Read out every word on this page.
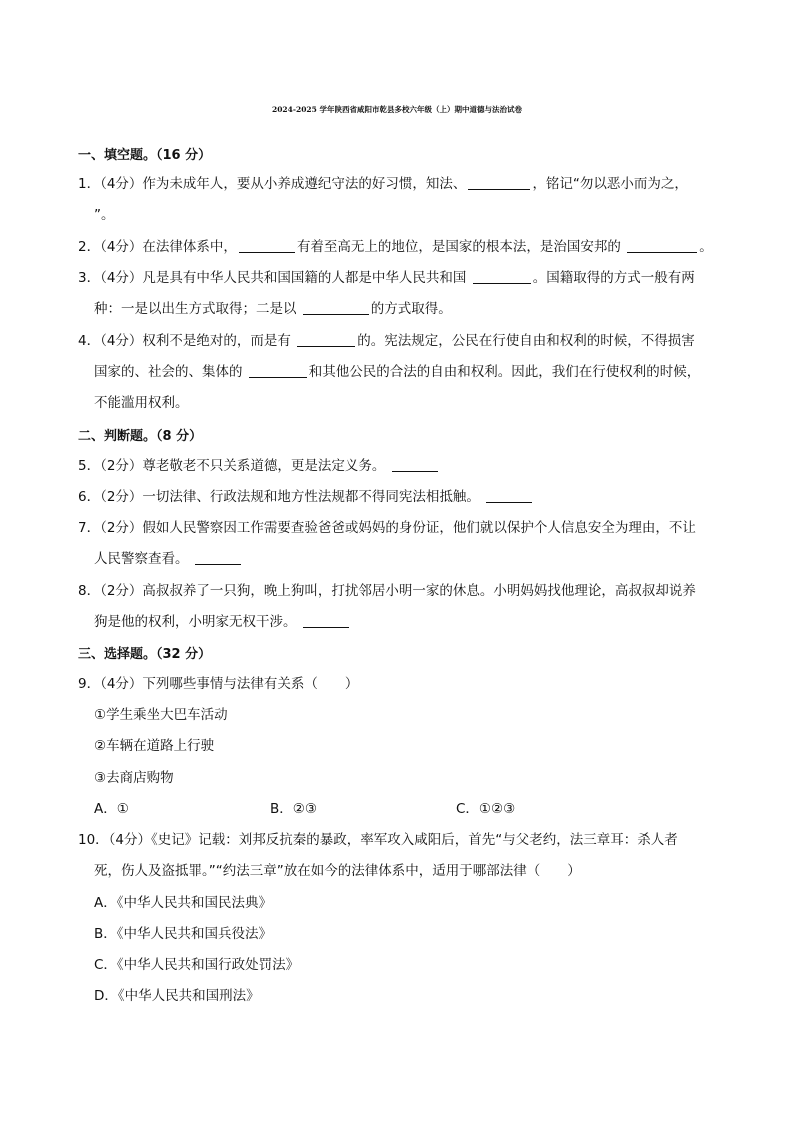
2024-2025 学年陕西省咸阳市乾县多校六年级（上）期中道德与法治试卷
一、填空题。（16 分）
1．（4分）作为未成年人，要从小养成遵纪守法的好习惯，知法、	，铭记“勿以恶小而为之，
”。
2．（4分）在法律体系中，	有着至高无上的地位，是国家的根本法，是治国安邦的	。
3．（4分）凡是具有中华人民共和国国籍的人都是中华人民共和国	。国籍取得的方式一般有两
种：一是以出生方式取得；二是以	的方式取得。
4．（4分）权利不是绝对的，而是有	的。宪法规定，公民在行使自由和权利的时候，不得损害
国家的、社会的、集体的	和其他公民的合法的自由和权利。因此，我们在行使权利的时候，
不能滥用权利。
二、判断题。（8 分）
5．（2分）尊老敬老不只关系道德，更是法定义务。
6．（2分）一切法律、行政法规和地方性法规都不得同宪法相抵触。
7．（2分）假如人民警察因工作需要查验爸爸或妈妈的身份证，他们就以保护个人信息安全为理由，不让
人民警察查看。
8．（2分）高叔叔养了一只狗，晚上狗叫，打扰邻居小明一家的休息。小明妈妈找他理论，高叔叔却说养
狗是他的权利，小明家无权干涉。
三、选择题。（32 分）
9．（4分）下列哪些事情与法律有关系（　　）
①学生乘坐大巴车活动
②车辆在道路上行驶
③去商店购物
A．①	B．②③	C．①②③
10．（4分）《史记》记载：刘邦反抗秦的暴政，率军攻入咸阳后，首先“与父老约，法三章耳：杀人者
死，伤人及盗抵罪。”“约法三章”放在如今的法律体系中，适用于哪部法律（　　）
A．《中华人民共和国民法典》
B．《中华人民共和国兵役法》
C．《中华人民共和国行政处罚法》
D．《中华人民共和国刑法》
